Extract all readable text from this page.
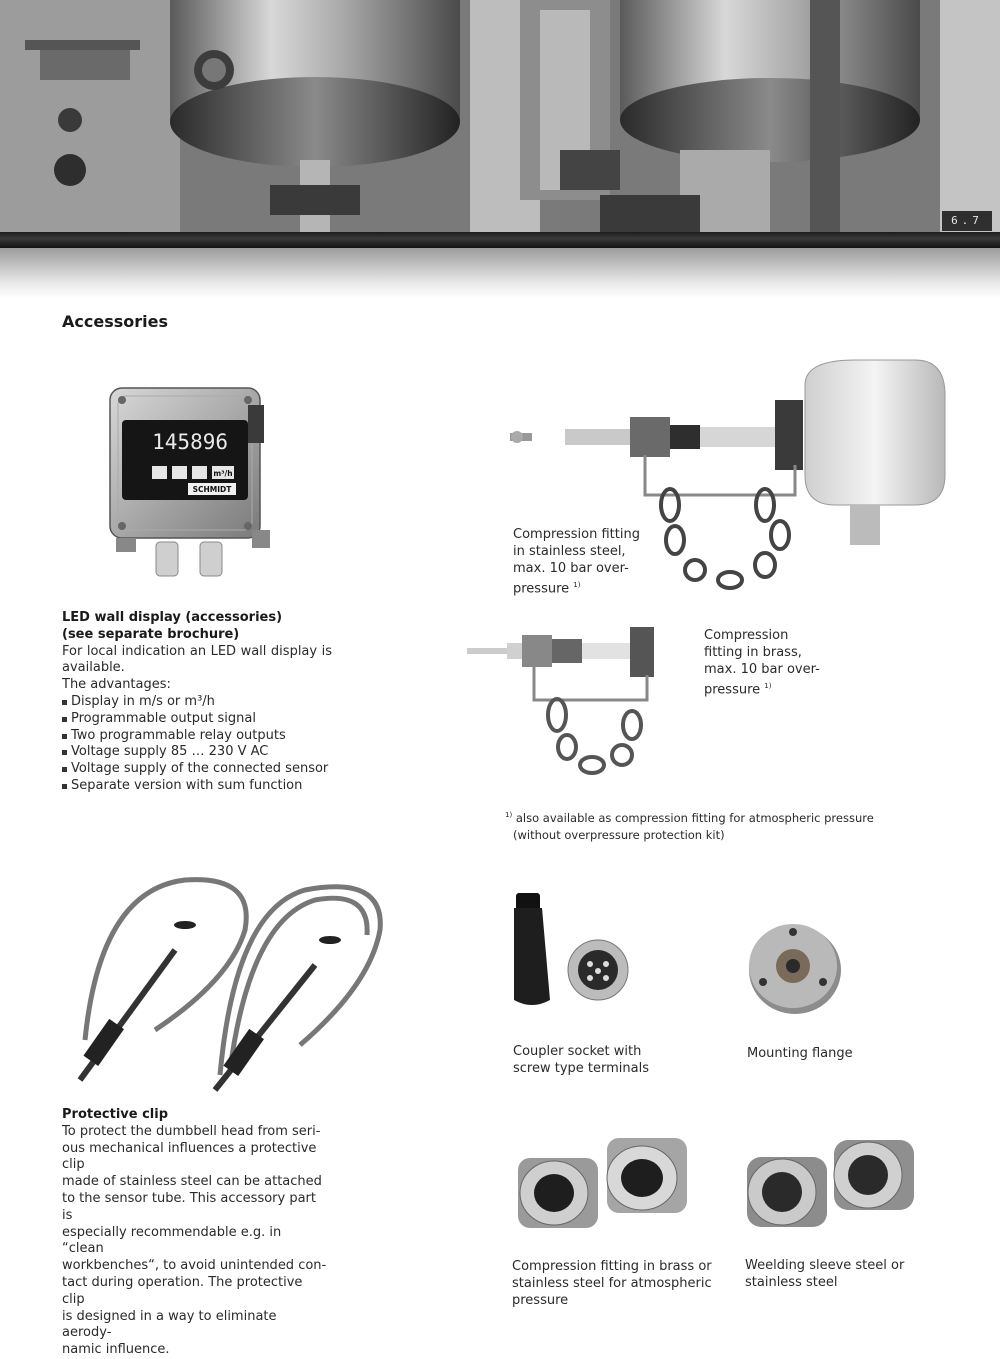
6.7
Accessories
145896
m³/h
SCHMIDT
LED wall display (accessories)
(see separate brochure)
For local indication an LED wall display is available.
The advantages:
Display in m/s or m³/h
Programmable output signal
Two programmable relay outputs
Voltage supply 85 … 230 V AC
Voltage supply of the connected sensor
Separate version with sum function
Compression fitting
in stainless steel,
max. 10 bar over-
pressure $^{1)}$
Compression
fitting in brass,
max. 10 bar over-
pressure $^{1)}$
$^{1)}$ also available as compression fitting for atmospheric pressure
(without overpressure protection kit)
Protective clip
To protect the dumbbell head from seri-
ous mechanical influences a protective clip
made of stainless steel can be attached
to the sensor tube. This accessory part is
especially recommendable e.g. in “clean
workbenches“, to avoid unintended con-
tact during operation. The protective clip
is designed in a way to eliminate aerody-
namic influence.
Coupler socket with
screw type terminals
Mounting flange
Compression fitting in brass or
stainless steel for atmospheric
pressure
Weelding sleeve steel or
stainless steel
